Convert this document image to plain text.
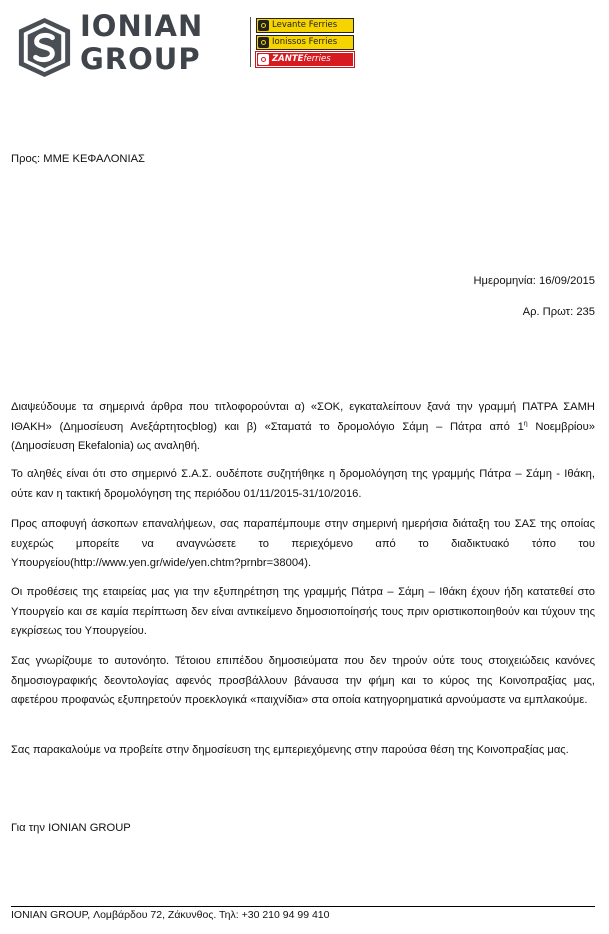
IONIAN
GROUP
Levante Ferries
Ionissos Ferries
ZANTEferries
Προς: ΜΜΕ ΚΕΦΑΛΟΝΙΑΣ
Ημερομηνία: 16/09/2015
Αρ. Πρωτ: 235
Διαψεύδουμε τα σημερινά άρθρα που τιτλοφορούνται α) «ΣΟΚ, εγκαταλείπουν ξανά την γραμμή ΠΑΤΡΑ ΣΑΜΗ ΙΘΑΚΗ» (Δημοσίευση Ανεξάρτητοςblog) και β) «Σταματά το δρομολόγιο Σάμη – Πάτρα από $1^\eta$ Νοεμβρίου» (Δημοσίευση Ekefalonia) ως αναληθή.
Το αληθές είναι ότι στο σημερινό Σ.Α.Σ. ουδέποτε συζητήθηκε η δρομολόγηση της γραμμής Πάτρα – Σάμη - Ιθάκη, ούτε καν η τακτική δρομολόγηση της περιόδου 01/11/2015-31/10/2016.
Προς αποφυγή άσκοπων επαναλήψεων, σας παραπέμπουμε στην σημερινή ημερήσια διάταξη του ΣΑΣ της οποίας ευχερώς μπορείτε να αναγνώσετε το περιεχόμενο από το διαδικτυακό τόπο του Υπουργείου(http://www.yen.gr/wide/yen.chtm?prnbr=38004).
Οι προθέσεις της εταιρείας μας για την εξυπηρέτηση της γραμμής Πάτρα – Σάμη – Ιθάκη έχουν ήδη κατατεθεί στο Υπουργείο και σε καμία περίπτωση δεν είναι αντικείμενο δημοσιοποίησής τους πριν οριστικοποιηθούν και τύχουν της εγκρίσεως του Υπουργείου.
Σας γνωρίζουμε το αυτονόητο. Τέτοιου επιπέδου δημοσιεύματα που δεν τηρούν ούτε τους στοιχειώδεις κανόνες δημοσιογραφικής δεοντολογίας αφενός προσβάλλουν βάναυσα την φήμη και το κύρος της Κοινοπραξίας μας, αφετέρου προφανώς εξυπηρετούν προεκλογικά «παιχνίδια» στα οποία κατηγορηματικά αρνούμαστε να εμπλακούμε.
Σας παρακαλούμε να προβείτε στην δημοσίευση της εμπεριεχόμενης στην παρούσα θέση της Κοινοπραξίας μας.
Για την IONIAN GROUP
IONIAN GROUP, Λομβάρδου 72, Ζάκυνθος. Τηλ: +30 210 94 99 410
